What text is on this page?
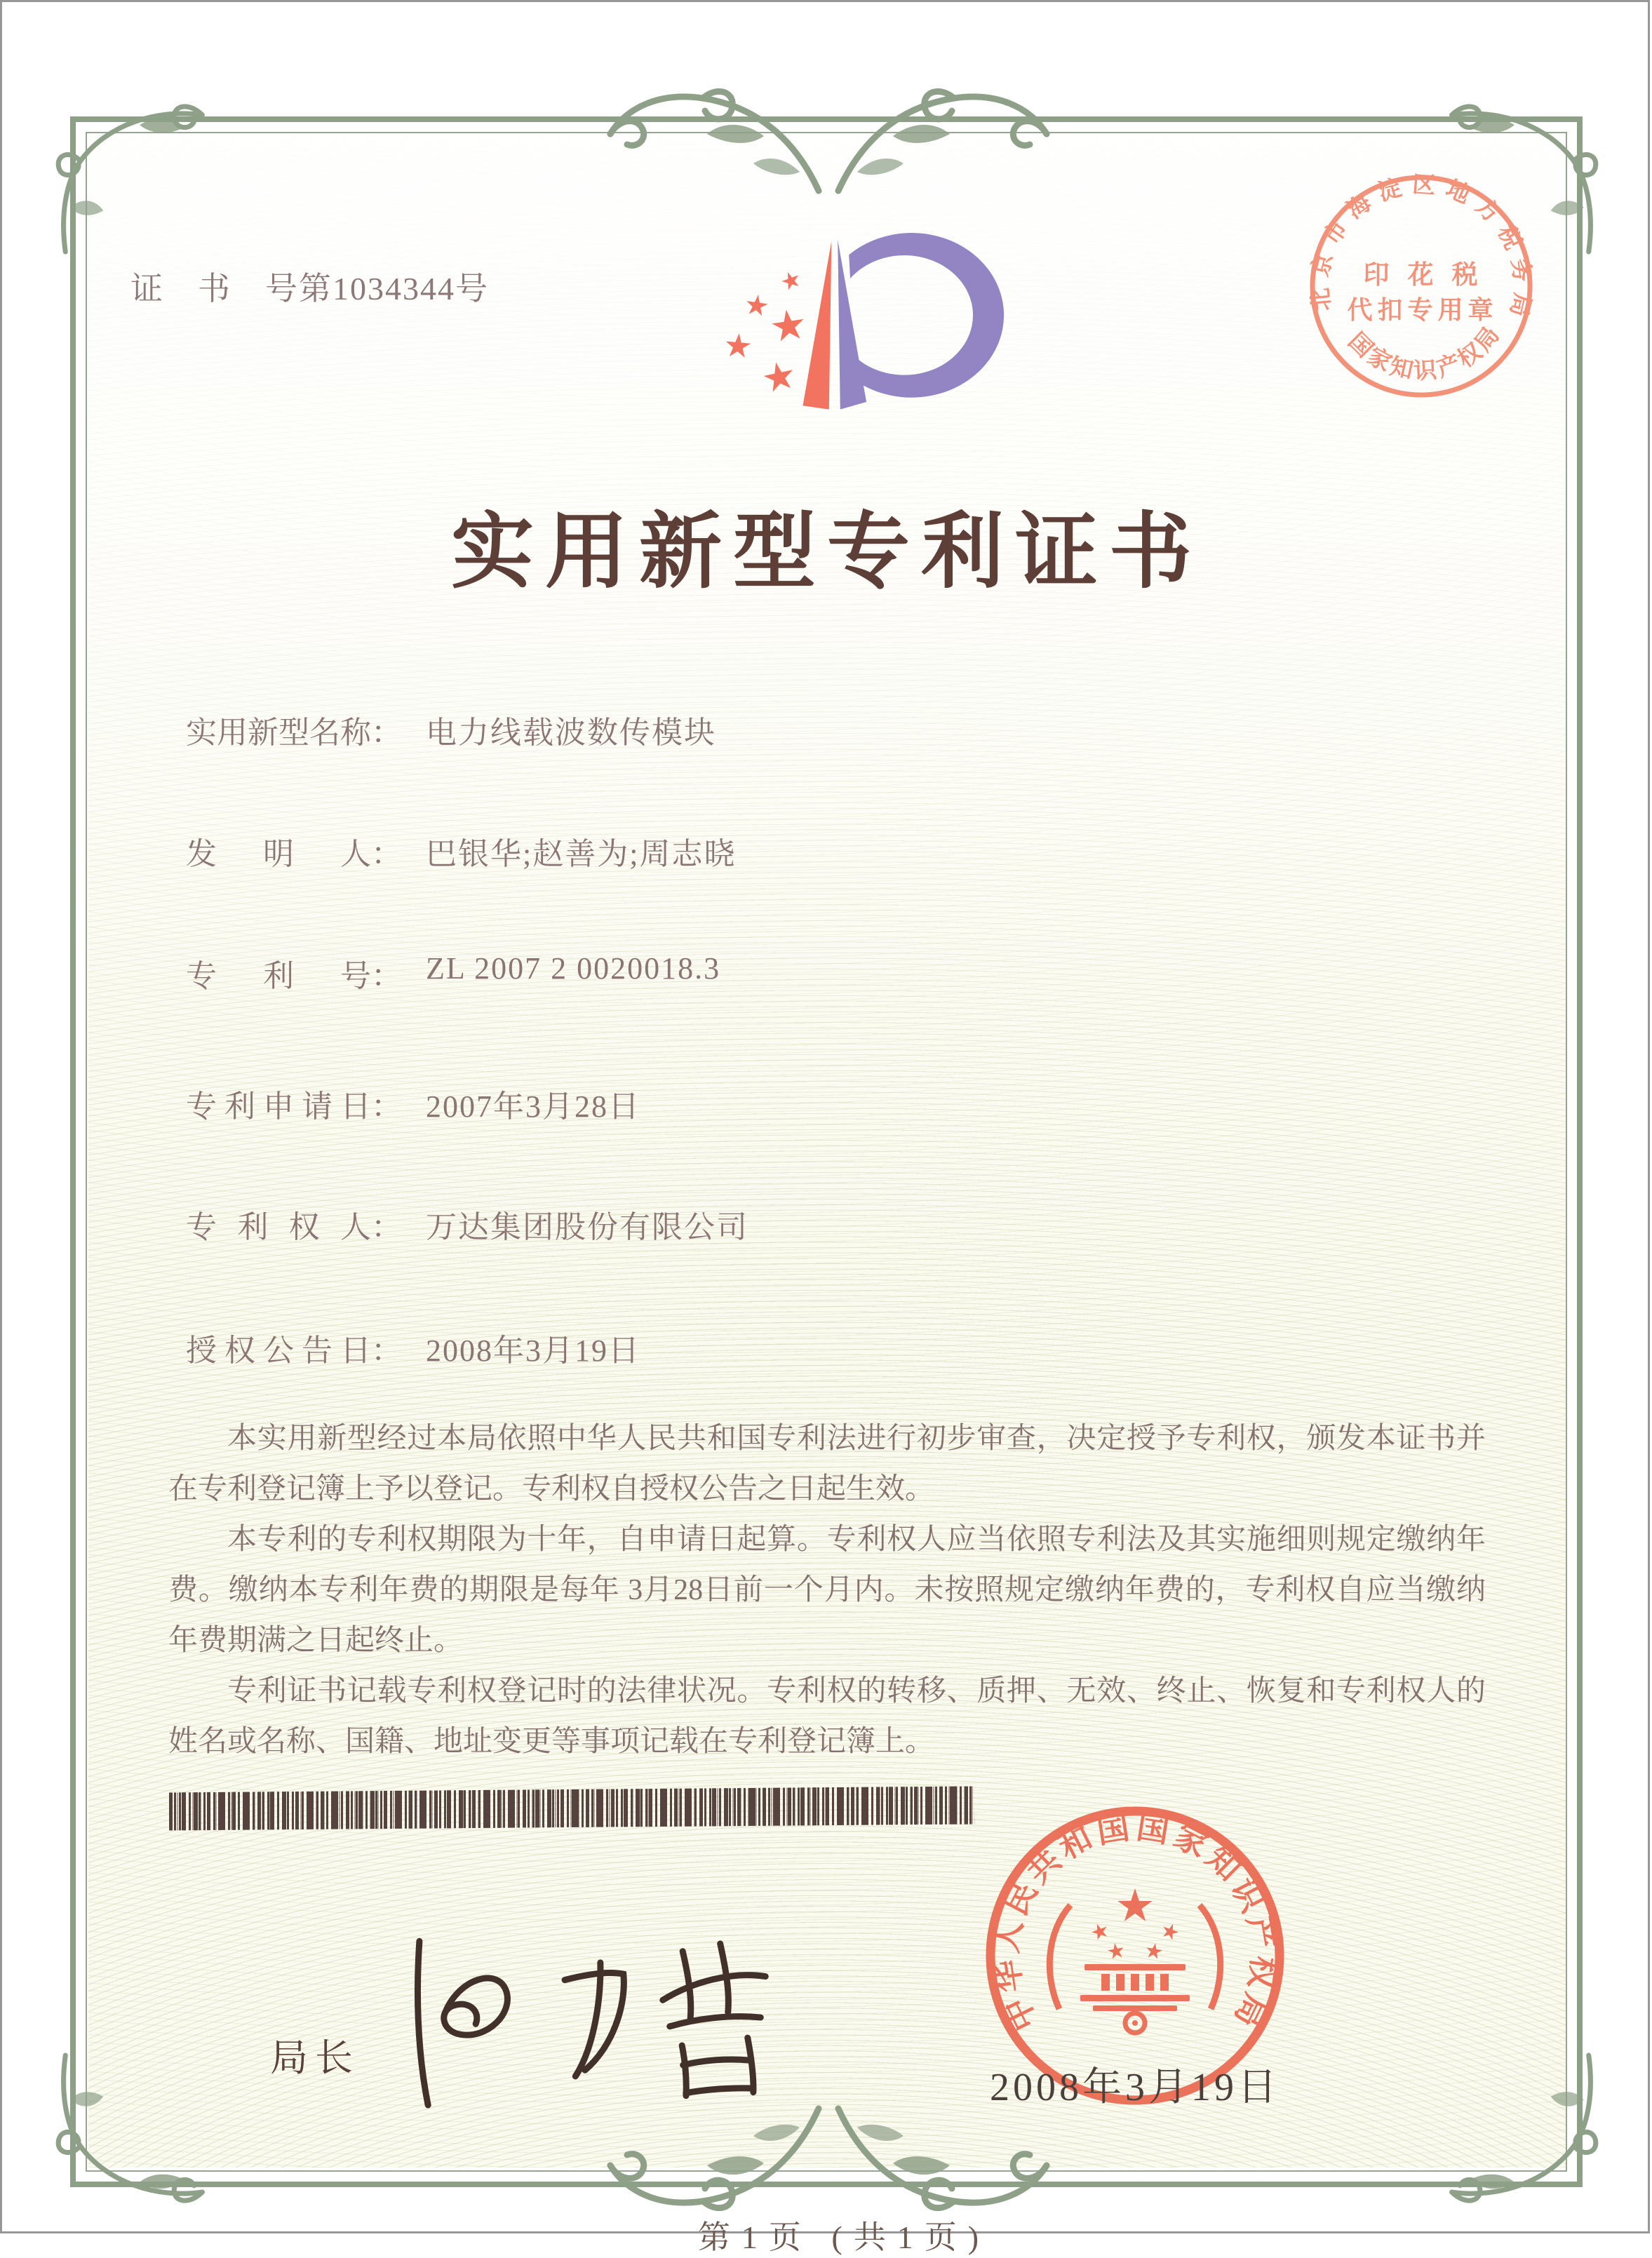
证　书　号第1034344号	北京市海淀区地方税务局
国家知识产权局
印花税
代扣专用章
实用新型专利证书
实用新型名称： 电力线载波数传模块
发明人： 巴银华;赵善为;周志晓
专利号： ZL 2007 2 0020018.3
专利申请日： 2007年3月28日
专利权人： 万达集团股份有限公司
授权公告日： 2008年3月19日

本实用新型经过本局依照中华人民共和国专利法进行初步审查，决定授予专利权，颁发本证书并在专利登记簿上予以登记。专利权自授权公告之日起生效。

本专利的专利权期限为十年，自申请日起算。专利权人应当依照专利法及其实施细则规定缴纳年费。缴纳本专利年费的期限是每年 3月28日前一个月内。未按照规定缴纳年费的，专利权自应当缴纳年费期满之日起终止。

专利证书记载专利权登记时的法律状况。专利权的转移、质押、无效、终止、恢复和专利权人的姓名或名称、国籍、地址变更等事项记载在专利登记簿上。

局长
中华人民共和国国家知识产权局
2008年3月19日
第1页 (共1页)
